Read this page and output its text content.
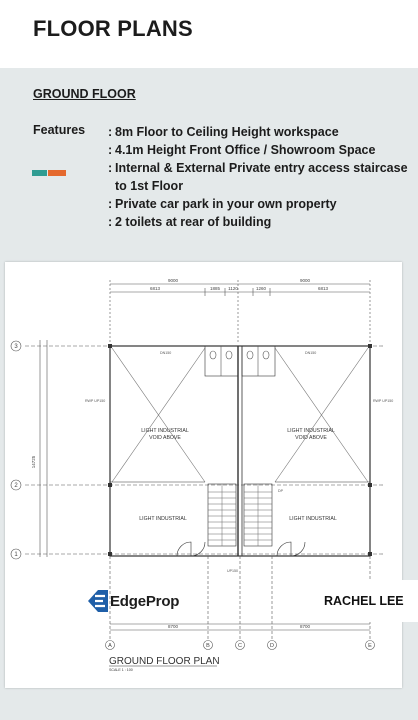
FLOOR PLANS
GROUND FLOOR
Features
:	8m Floor to Ceiling Height workspace
: 4.1m Height Front Office / Showroom Space
: Internal & External Private entry access staircase to 1st Floor
: Private car park in your own property
: 2 toilets at rear of building
9000	9000
6813	1885 1120	1260	6813
14725
3
2
1
LIGHT INDUSTRIAL
VOID ABOVE
LIGHT INDUSTRIAL
VOID ABOVE
LIGHT INDUSTRIAL	LIGHT INDUSTRIAL
DN150	DN150
RWP UP150	RWP UP150
DP
UP150
8700	8700
A	B	C	D	E
GROUND FLOOR PLAN
SCALE 1 : 100
EdgeProp	RACHEL LEE
